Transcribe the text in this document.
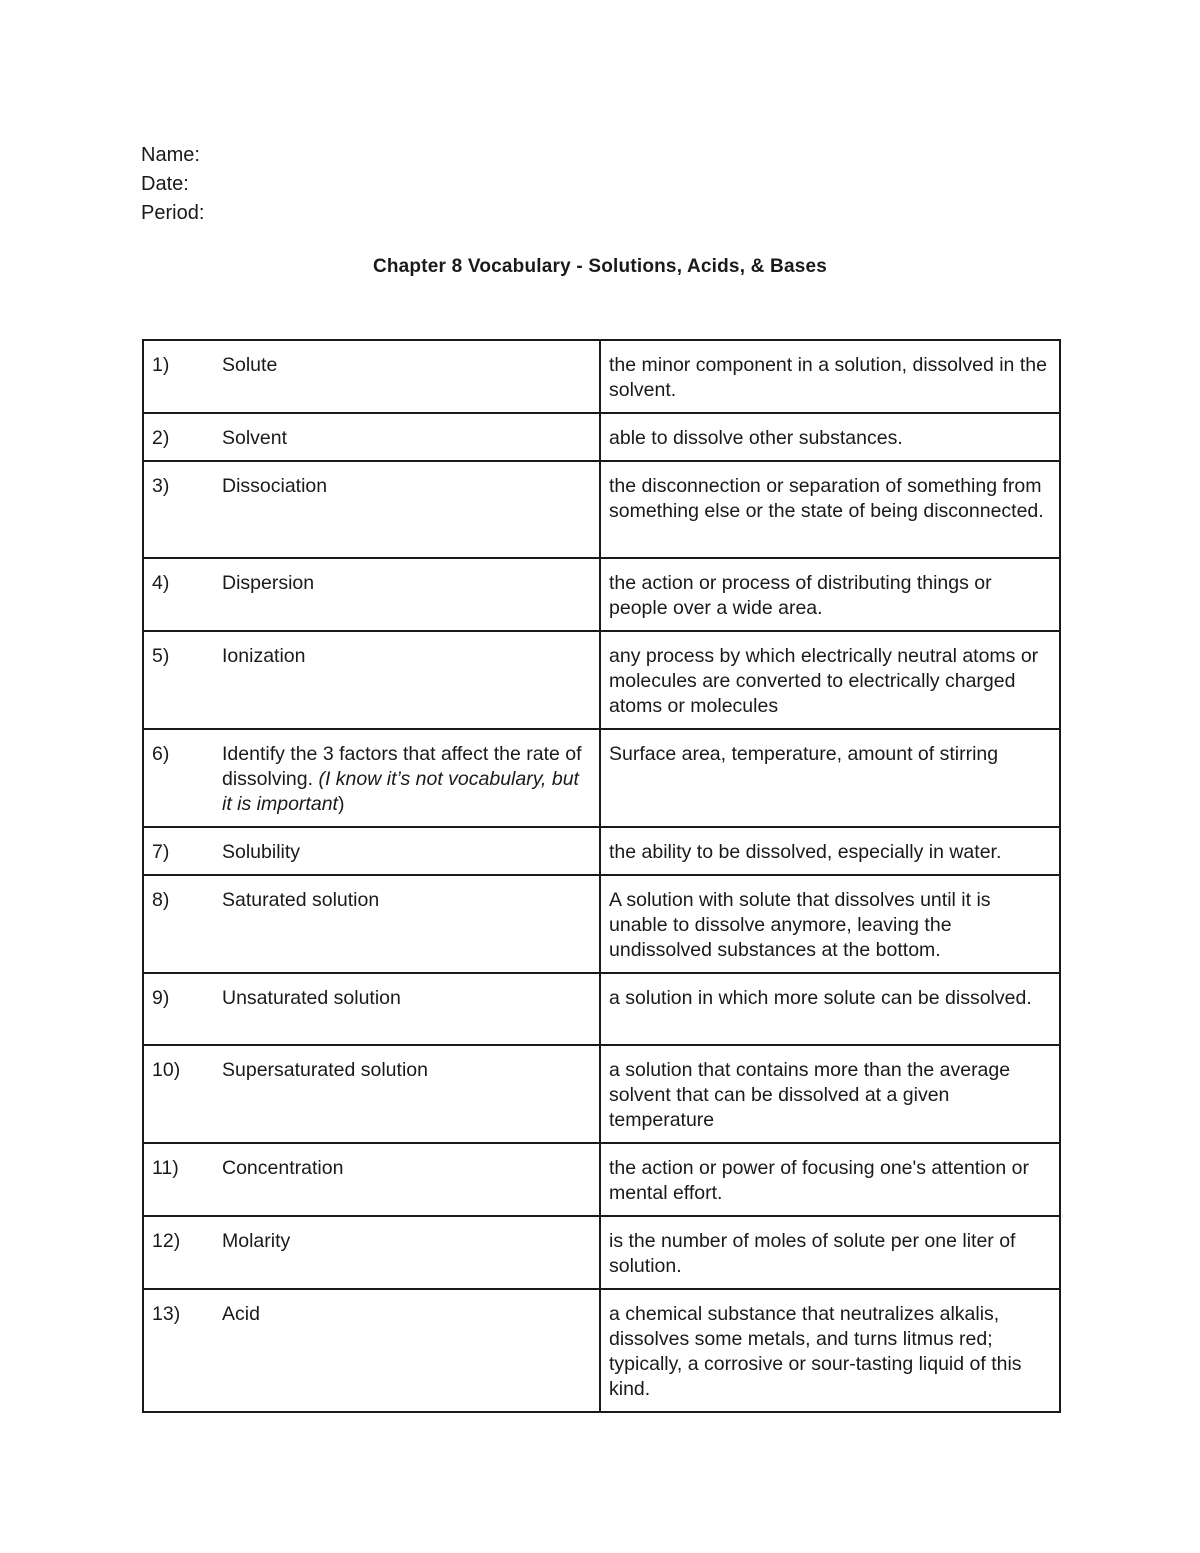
Name:
Date:
Period:
Chapter 8 Vocabulary - Solutions, Acids, & Bases
1) Solute	the minor component in a solution, dissolved in the solvent.

2) Solvent	able to dissolve other substances.

3) Dissociation	the disconnection or separation of something from something else or the state of being disconnected.

4) Dispersion	the action or process of distributing things or people over a wide area.

5) Ionization	any process by which electrically neutral atoms or molecules are converted to electrically charged atoms or molecules

6) Identify the 3 factors that affect the rate of dissolving. (I know it’s not vocabulary, but it is important)	Surface area, temperature, amount of stirring

7) Solubility	the ability to be dissolved, especially in water.

8) Saturated solution	A solution with solute that dissolves until it is unable to dissolve anymore, leaving the undissolved substances at the bottom.

9) Unsaturated solution	a solution in which more solute can be dissolved.

10) Supersaturated solution	a solution that contains more than the average solvent that can be dissolved at a given temperature

11) Concentration	the action or power of focusing one's attention or mental effort.

12) Molarity	is the number of moles of solute per one liter of solution.

13) Acid	a chemical substance that neutralizes alkalis, dissolves some metals, and turns litmus red; typically, a corrosive or sour-tasting liquid of this kind.
